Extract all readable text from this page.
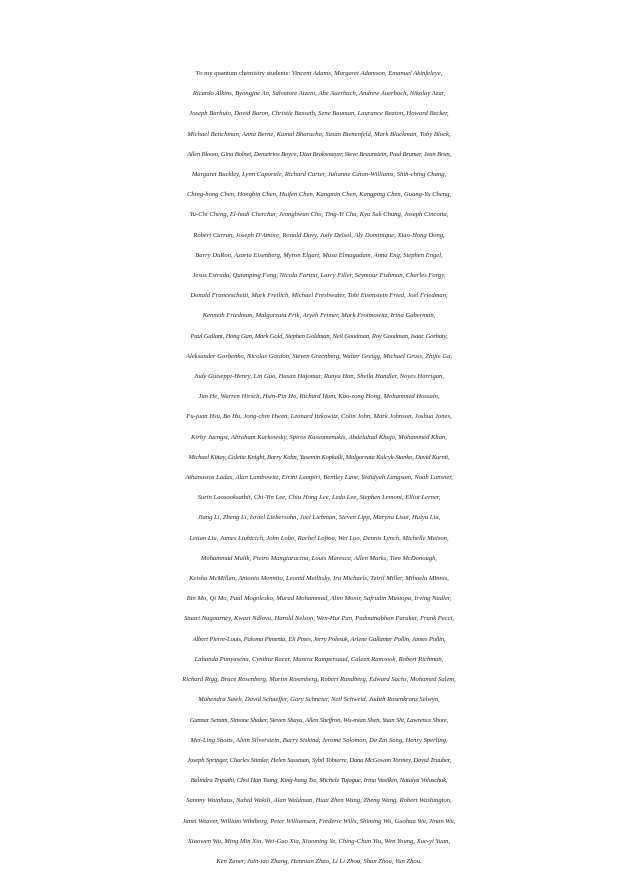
To my quantum chemistry students: Vincent Adams, Margaret Adamson, Emanuel Akinfeleye,
Ricardo Alkins, Byongjae An, Salvatore Atzeni, Abe Auerbach, Andrew Auerbach, Nikolay Azar,
Joseph Barbuto, David Baron, Christie Basseth, Sene Bauman, Laurance Beaton, Howard Becker,
Michael Beitchman, Anna Berne, Kamal Bharucha, Susan Bienenfeld, Mark Blackman, Toby Block,
Allen Bloom, Gina Bolnet, Demetrios Boyce, Diza Braksmayer, Steve Braunstein, Paul Brumer, Jean Brun,
Margaret Buckley, Lynn Caporale, Richard Carter, Julianne Caton-Williams, Shih-ching Chang,
Ching-hong Chen, Hongbin Chen, Huifen Chen, Kangmin Chen, Kangping Chen, Guang-Yu Cheng,
Yu-Chi Cheng, El-hadi Cherchar, Jeonghwan Cho, Ting-Yi Chu, Kyu Suk Chung, Joseph Cincotta,
Robert Curran, Joseph D'Amore, Ronald Davy, Jody Delsol, Aly Dominique, Xiao-Hong Dong,
Barry DuRon, Azaria Eisenberg, Myron Elgart, Musa Elmagadam, Anna Eng, Stephen Engel,
Jesus Estrada, Quianping Fang, Nicola Farina, Larry Filler, Seymour Fishman, Charles Forgy,
Donald Franceschetti, Mark Freilich, Michael Freshwater, Tobi Eisenstein Fried, Joel Friedman,
Kenneth Friedman, Malgorzata Frik, Aryeh Frimer, Mark Froimowitz, Irina Gaberman,
Paul Gallant, Hong Gan, Mark Gold, Stephen Goldman, Neil Goodman, Roy Goodman, Isaac Gorbaty,
Aleksander Gorbenko, Nicolas Gordon, Steven Greenberg, Walter Greigg, Michael Gross, Zhijie Gu,
Judy Guiseppi-Henry, Lin Guo, Hasan Hajomar, Runyu Han, Sheila Handler, Noyes Harrigan,
Jun He, Warren Hirsch, Hsin-Pin Ho, Richard Hom, Kuo-zong Hong, Mohammed Hossain,
Fu-juan Hsu, Bo Hu, Jong-chin Hwan, Leonard Itzkowitz, Colin John, Mark Johnson, Joshua Jones,
Kirby Juengst, Abraham Karkowsky, Spiros Kassomenakis, Abdelahad Khajo, Mohammed Khan,
Michael Kittay, Colette Knight, Barry Kohn, Yasemin Kopkalli, Malgorzata Kulcyk-Stanko, David Kurnit,
Athanasios Ladas, Alan Lambowitz, Eirini Lampiri, Bentley Lane, Yedidyah Langsam, Noah Lansner,
Surin Laosooksathit, Chi-Yin Lee, Chiu Hong Lee, Leda Lee, Stephen Lemont, Elliot Lerner,
Jiang Li, Zheng Li, Israel Liebersohn, Joel Liebman, Steven Lipp, Maryna Lisai, Huiyu Liu,
Letian Liu, James Liubicich, John Lobo, Rachel Loftoa, Wei Luo, Dennis Lynch, Michelle Maison,
Mohammad Malik, Pietro Mangiaracina, Louis Maresca, Allen Marks, Tom McDonough,
Keisha McMillan, Antonio Mennito, Leonid Metlitsky, Ira Michaels, Tziril Miller, Mihaela Minnis,
Bin Mo, Qi Mo, Paul Mogolesko, Murad Mohammad, Alim Monir, Safrudin Mustopa, Irving Nadler,
Stuart Nagourney, Kwazi Ndlovu, Harold Nelson, Wen-Hui Pan, Padmanabhan Parakat, Frank Pecci,
Albert Pierre-Louis, Paloma Pimenta, Eli Pines, Jerry Polesuk, Arlene Gallanter Pollin, James Pollin,
Lahanda Punyasena, Cynthia Racer, Munira Rampersaud, Caleen Ramsook, Robert Richman,
Richard Rigg, Bruce Rosenberg, Martin Rosenberg, Robert Rundberg, Edward Sachs, Mohamed Salem,
Mahendra Sawh, David Schaeffer, Gary Schneier, Neil Schweid, Judith Rosenkranz Selwyn,
Gunnar Senum, Simone Shaker, Steven Shaya, Allen Sheffron, Wu-mian Shen, Yuan Shi, Lawrence Shore,
Mei-Ling Shotts, Alvin Silverstein, Barry Siskind, Jerome Solomon, De Zai Song, Henry Sperling,
Joseph Springer, Charles Stimler, Helen Sussman, Sybil Tobierre, Dana McGowan Tormey, David Trauber,
Balindra Tripathi, Choi Han Tsang, King-hung Tse, Michele Tujague, Irina Vasilkin, Natalya Voluschuk,
Sammy Wainhaus, Nahid Wakili, Alan Waldman, Huai Zhen Wang, Zheng Wang, Robert Washington,
Janet Weaver, William Wihlborg, Peter Williamsen, Frederic Wills, Shiming Wo, Guohua Wu, Jinan Wu,
Xiaowen Wu, Ming Min Xia, Wei-Guo Xia, Xiaoming Ye, Ching-Chun Yiu, Wen Young, Xue-yi Yuan,
Ken Zaner, Juin-tao Zhang, Hannian Zhao, Li Li Zhou, Shan Zhou, Yun Zhou.
